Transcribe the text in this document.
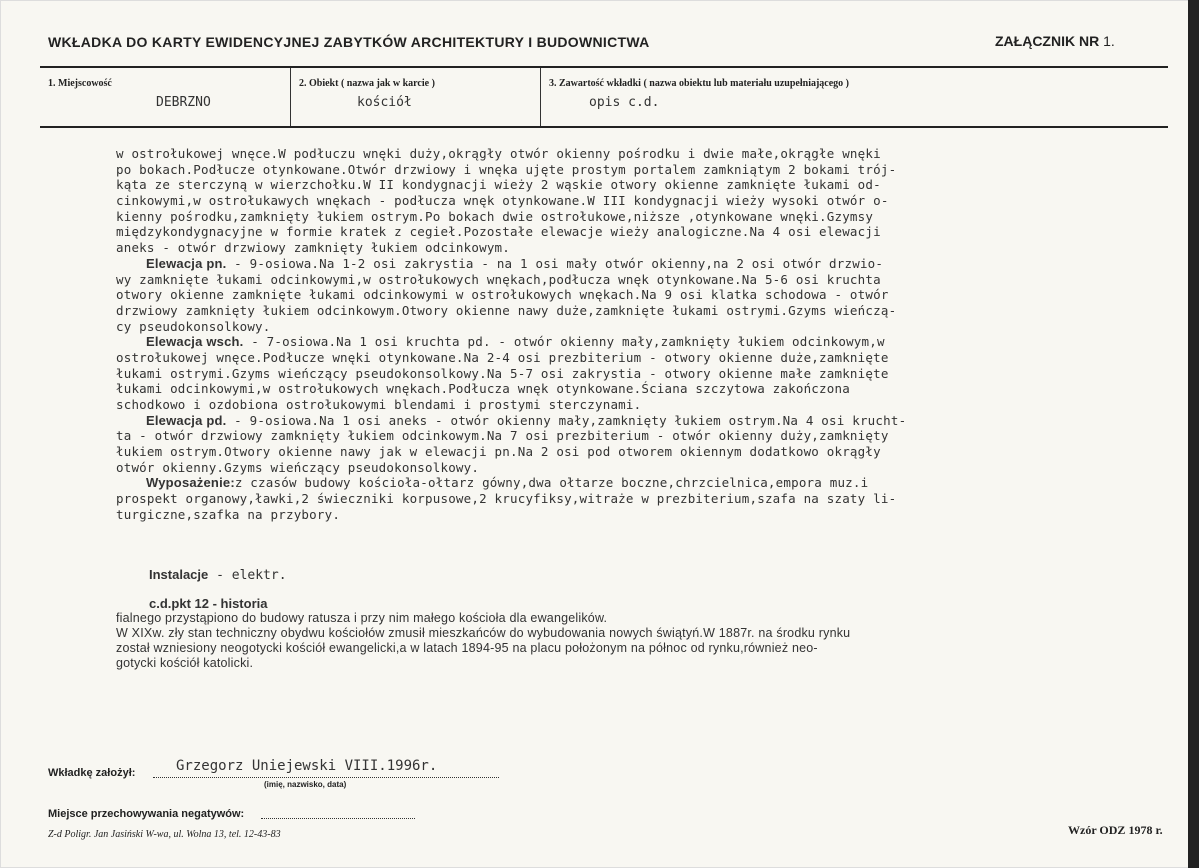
WKŁADKA DO KARTY EWIDENCYJNEJ ZABYTKÓW ARCHITEKTURY I BUDOWNICTWA	ZAŁĄCZNIK NR 1.
1. Miejscowość
DEBRZNO
2. Obiekt ( nazwa jak w karcie )
kościół
3. Zawartość wkładki ( nazwa obiektu lub materiału uzupełniającego )
opis c.d.
w ostrołukowej wnęce.W podłuczu wnęki duży,okrągły otwór okienny pośrodku i dwie małe,okrągłe wnęki
po bokach.Podłucze otynkowane.Otwór drzwiowy i wnęka ujęte prostym portalem zamkniątym 2 bokami trój-
kąta ze sterczyną w wierzchołku.W II kondygnacji wieży 2 wąskie otwory okienne zamknięte łukami od-
cinkowymi,w ostrołukawych wnękach - podłucza wnęk otynkowane.W III kondygnacji wieży wysoki otwór o-
kienny pośrodku,zamknięty łukiem ostrym.Po bokach dwie ostrołukowe,niższe ,otynkowane wnęki.Gzymsy
międzykondygnacyjne w formie kratek z cegieł.Pozostałe elewacje wieży analogiczne.Na 4 osi elewacji
aneks - otwór drzwiowy zamknięty łukiem odcinkowym.
Elewacja pn. - 9-osiowa.Na 1-2 osi zakrystia - na 1 osi mały otwór okienny,na 2 osi otwór drzwio-
wy zamknięte łukami odcinkowymi,w ostrołukowych wnękach,podłucza wnęk otynkowane.Na 5-6 osi kruchta
otwory okienne zamknięte łukami odcinkowymi w ostrołukowych wnękach.Na 9 osi klatka schodowa - otwór
drzwiowy zamknięty łukiem odcinkowym.Otwory okienne nawy duże,zamknięte łukami ostrymi.Gzyms wieńczą-
cy pseudokonsolkowy.
Elewacja wsch. - 7-osiowa.Na 1 osi kruchta pd. - otwór okienny mały,zamknięty łukiem odcinkowym,w
ostrołukowej wnęce.Podłucze wnęki otynkowane.Na 2-4 osi prezbiterium - otwory okienne duże,zamknięte
łukami ostrymi.Gzyms wieńczący pseudokonsolkowy.Na 5-7 osi zakrystia - otwory okienne małe zamknięte
łukami odcinkowymi,w ostrołukowych wnękach.Podłucza wnęk otynkowane.Ściana szczytowa zakończona
schodkowo i ozdobiona ostrołukowymi blendami i prostymi sterczynami.
Elewacja pd. - 9-osiowa.Na 1 osi aneks - otwór okienny mały,zamknięty łukiem ostrym.Na 4 osi krucht-
ta - otwór drzwiowy zamknięty łukiem odcinkowym.Na 7 osi prezbiterium - otwór okienny duży,zamknięty
łukiem ostrym.Otwory okienne nawy jak w elewacji pn.Na 2 osi pod otworem okiennym dodatkowo okrągły
otwór okienny.Gzyms wieńczący pseudokonsolkowy.
Wyposażenie:z czasów budowy kościoła-ołtarz gówny,dwa ołtarze boczne,chrzcielnica,empora muz.i
prospekt organowy,ławki,2 świeczniki korpusowe,2 krucyfiksy,witraże w prezbiterium,szafa na szaty li-
turgiczne,szafka na przybory.
Instalacje - elektr.
c.d.pkt 12 - historia
fialnego przystąpiono do budowy ratusza i przy nim małego kościoła dla ewangelików.
W XIXw. zły stan techniczny obydwu kościołów zmusił mieszkańców do wybudowania nowych świątyń.W 1887r. na środku rynku
został wzniesiony neogotycki kościół ewangelicki,a w latach 1894-95 na placu położonym na północ od rynku,również neo-
gotycki kościół katolicki.
Wkładkę założył:	Grzegorz Uniejewski VIII.1996r.
(imię, nazwisko, data)
Miejsce przechowywania negatywów:
Z-d Poligr. Jan Jasiński W-wa, ul. Wolna 13, tel. 12-43-83	Wzór ODZ 1978 r.
